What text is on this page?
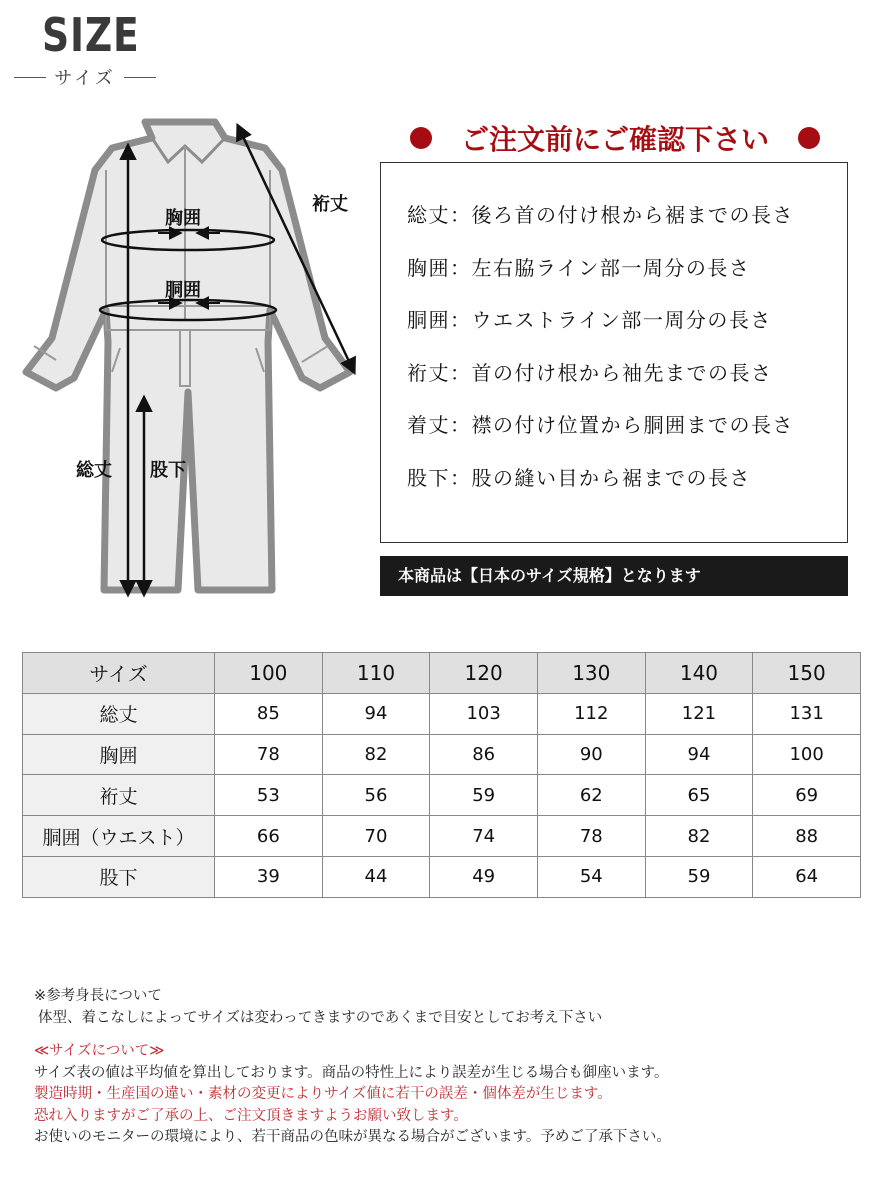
SIZE
サイズ
胸囲
胴囲
裄丈
総丈 股下
ご注文前にご確認下さい
総丈：後ろ首の付け根から裾までの長さ
胸囲：左右脇ライン部一周分の長さ
胴囲：ウエストライン部一周分の長さ
裄丈：首の付け根から袖先までの長さ
着丈：襟の付け位置から胴囲までの長さ
股下：股の縫い目から裾までの長さ
本商品は【日本のサイズ規格】となります
サイズ	100	110	120	130	140	150
総丈	85	94	103	112	121	131
胸囲	78	82	86	90	94	100
裄丈	53	56	59	62	65	69
胴囲（ウエスト）	66	70	74	78	82	88
股下	39	44	49	54	59	64
※参考身長について
体型、着こなしによってサイズは変わってきますのであくまで目安としてお考え下さい
≪サイズについて≫
サイズ表の値は平均値を算出しております。商品の特性上により誤差が生じる場合も御座います。
製造時期・生産国の違い・素材の変更によりサイズ値に若干の誤差・個体差が生じます。
恐れ入りますがご了承の上、ご注文頂きますようお願い致します。
お使いのモニターの環境により、若干商品の色味が異なる場合がございます。予めご了承下さい。
